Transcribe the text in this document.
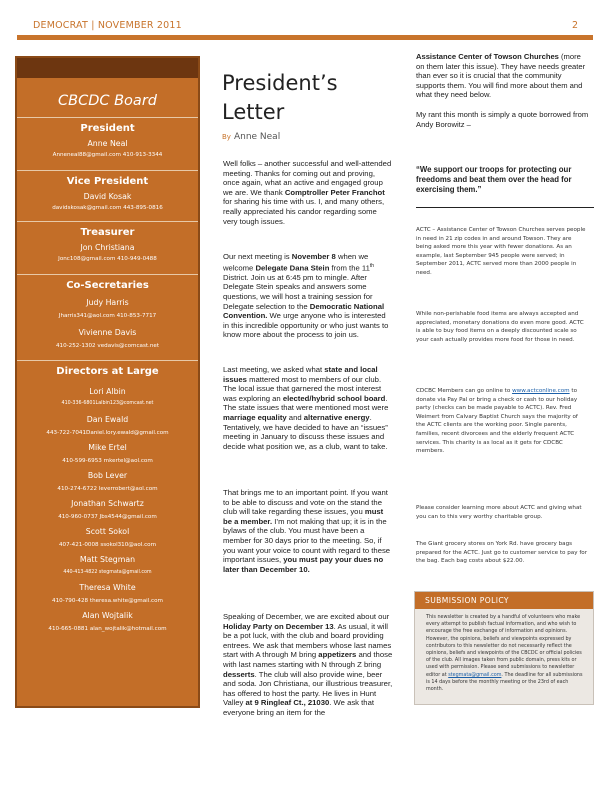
DEMOCRAT | NOVEMBER 2011	2
CBCDC Board
President
Anne Neal
Anneneal88@gmail.com 410-913-3344
Vice President
David Kosak
davidskosak@gmail.com 443-895-0816
Treasurer
Jon Christiana
Jonc108@gmail.com 410-949-0488
Co-Secretaries
Judy Harris
Jharris341@aol.com 410-853-7717
Vivienne Davis
410-252-1302 vedavis@comcast.net
Directors at Large
Lori Albin
410-336-6801Lalbin123@comcast.net
Dan Ewald
443-722-7041Daniel.lory.ewald@gmail.com
Mike Ertel
410-599-6953 mkertel@aol.com
Bob Lever
410-274-6722 leverrobert@aol.com
Jonathan Schwartz
410-960-0737 Jbs4544@gmail.com
Scott Sokol
407-421-0008 ssokol310@aol.com
Matt Stegman
440-413-4822 stegmata@gmail.com
Theresa White
410-790-428 theresa.white@gmail.com
Alan Wojtalik
410-665-0881 alan_wojtalik@hotmail.com
President’s Letter
By Anne Neal
Well folks – another successful and well-attended meeting. Thanks for coming out and proving, once again, what an active and engaged group we are. We thank Comptroller Peter Franchot for sharing his time with us. I, and many others, really appreciated his candor regarding some very tough issues.
Our next meeting is November 8 when we welcome Delegate Dana Stein from the 11th District. Join us at 6:45 pm to mingle. After Delegate Stein speaks and answers some questions, we will host a training session for Delegate selection to the Democratic National Convention. We urge anyone who is interested in this incredible opportunity or who just wants to know more about the process to join us.
Last meeting, we asked what state and local issues mattered most to members of our club. The local issue that garnered the most interest was exploring an elected/hybrid school board. The state issues that were mentioned most were marriage equality and alternative energy. Tentatively, we have decided to have an “issues” meeting in January to discuss these issues and decide what position we, as a club, want to take.
That brings me to an important point. If you want to be able to discuss and vote on the stand the club will take regarding these issues, you must be a member. I’m not making that up; it is in the bylaws of the club. You must have been a member for 30 days prior to the meeting. So, if you want your voice to count with regard to these important issues, you must pay your dues no later than December 10.
Speaking of December, we are excited about our Holiday Party on December 13. As usual, it will be a pot luck, with the club and board providing entrees. We ask that members whose last names start with A through M bring appetizers and those with last names starting with N through Z bring desserts. The club will also provide wine, beer and soda. Jon Christiana, our illustrious treasurer, has offered to host the party. He lives in Hunt Valley at 9 Ringleaf Ct., 21030. We ask that everyone bring an item for the
Assistance Center of Towson Churches (more on them later this issue). They have needs greater than ever so it is crucial that the community supports them. You will find more about them and what they need below.
My rant this month is simply a quote borrowed from Andy Borowitz –
“We support our troops for protecting our freedoms and beat them over the head for exercising them.”
ACTC – Assistance Center of Towson Churches serves people in need in 21 zip codes in and around Towson. They are being asked more this year with fewer donations. As an example, last September 945 people were served; in September 2011, ACTC served more than 2000 people in need.
While non-perishable food items are always accepted and appreciated, monetary donations do even more good. ACTC is able to buy food items on a deeply discounted scale so your cash actually provides more food for those in need.
CDCBC Members can go online to www.actconline.com to donate via Pay Pal or bring a check or cash to our holiday party (checks can be made payable to ACTC). Rev. Fred Weimert from Calvary Baptist Church says the majority of the ACTC clients are the working poor. Single parents, families, recent divorcees and the elderly frequent ACTC services. This charity is as local as it gets for CDCBC members.
Please consider learning more about ACTC and giving what you can to this very worthy charitable group.
The Giant grocery stores on York Rd. have grocery bags prepared for the ACTC. Just go to customer service to pay for the bag. Each bag costs about $22.00.
SUBMISSION POLICY
This newsletter is created by a handful of volunteers who make every attempt to publish factual information, and who wish to encourage the free exchange of information and opinions. However, the opinions, beliefs and viewpoints expressed by contributors to this newsletter do not necessarily reflect the opinions, beliefs and viewpoints of the CBCDC or official policies of the club. All images taken from public domain, press kits or used with permission. Please send submissions to newsletter editor at stegmata@gmail.com. The deadline for all submissions is 14 days before the monthly meeting or the 23rd of each month.
